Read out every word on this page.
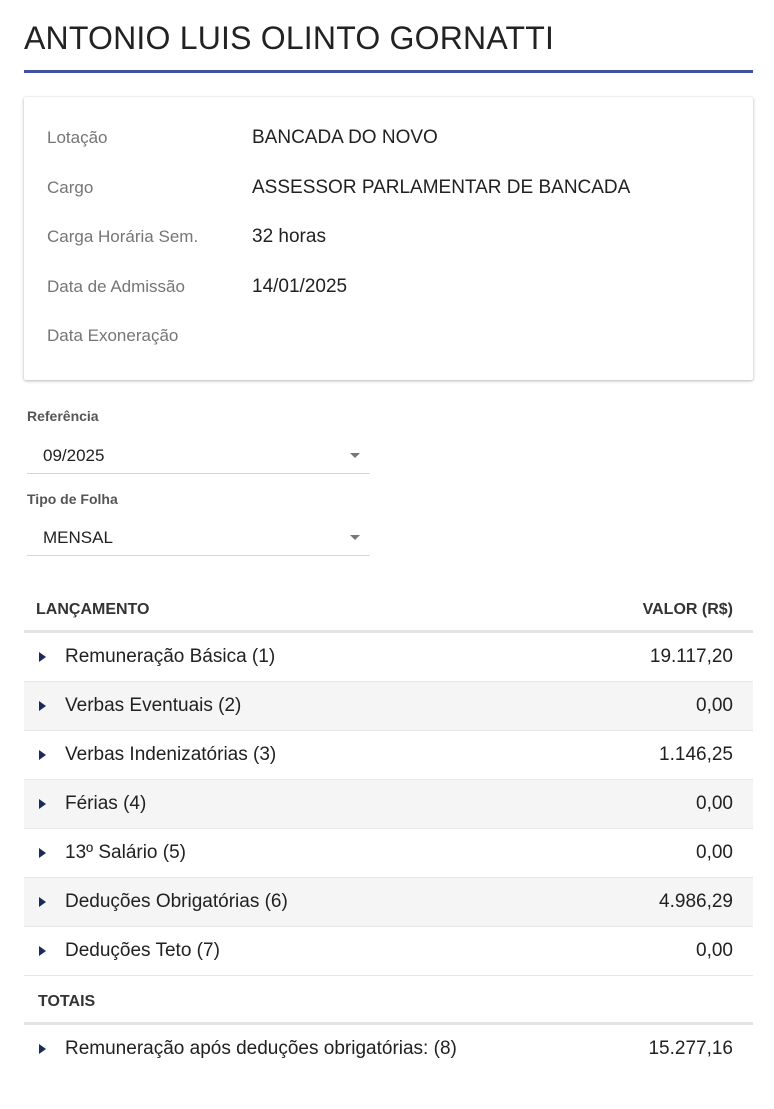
ANTONIO LUIS OLINTO GORNATTI
Lotação	BANCADA DO NOVO
Cargo	ASSESSOR PARLAMENTAR DE BANCADA
Carga Horária Sem.	32 horas
Data de Admissão	14/01/2025
Data Exoneração
Referência
09/2025
Tipo de Folha
MENSAL
LANÇAMENTO	VALOR (R$)
Remuneração Básica (1)	19.117,20
Verbas Eventuais (2)	0,00
Verbas Indenizatórias (3)	1.146,25
Férias (4)	0,00
13º Salário (5)	0,00
Deduções Obrigatórias (6)	4.986,29
Deduções Teto (7)	0,00
TOTAIS
Remuneração após deduções obrigatórias: (8)	15.277,16
